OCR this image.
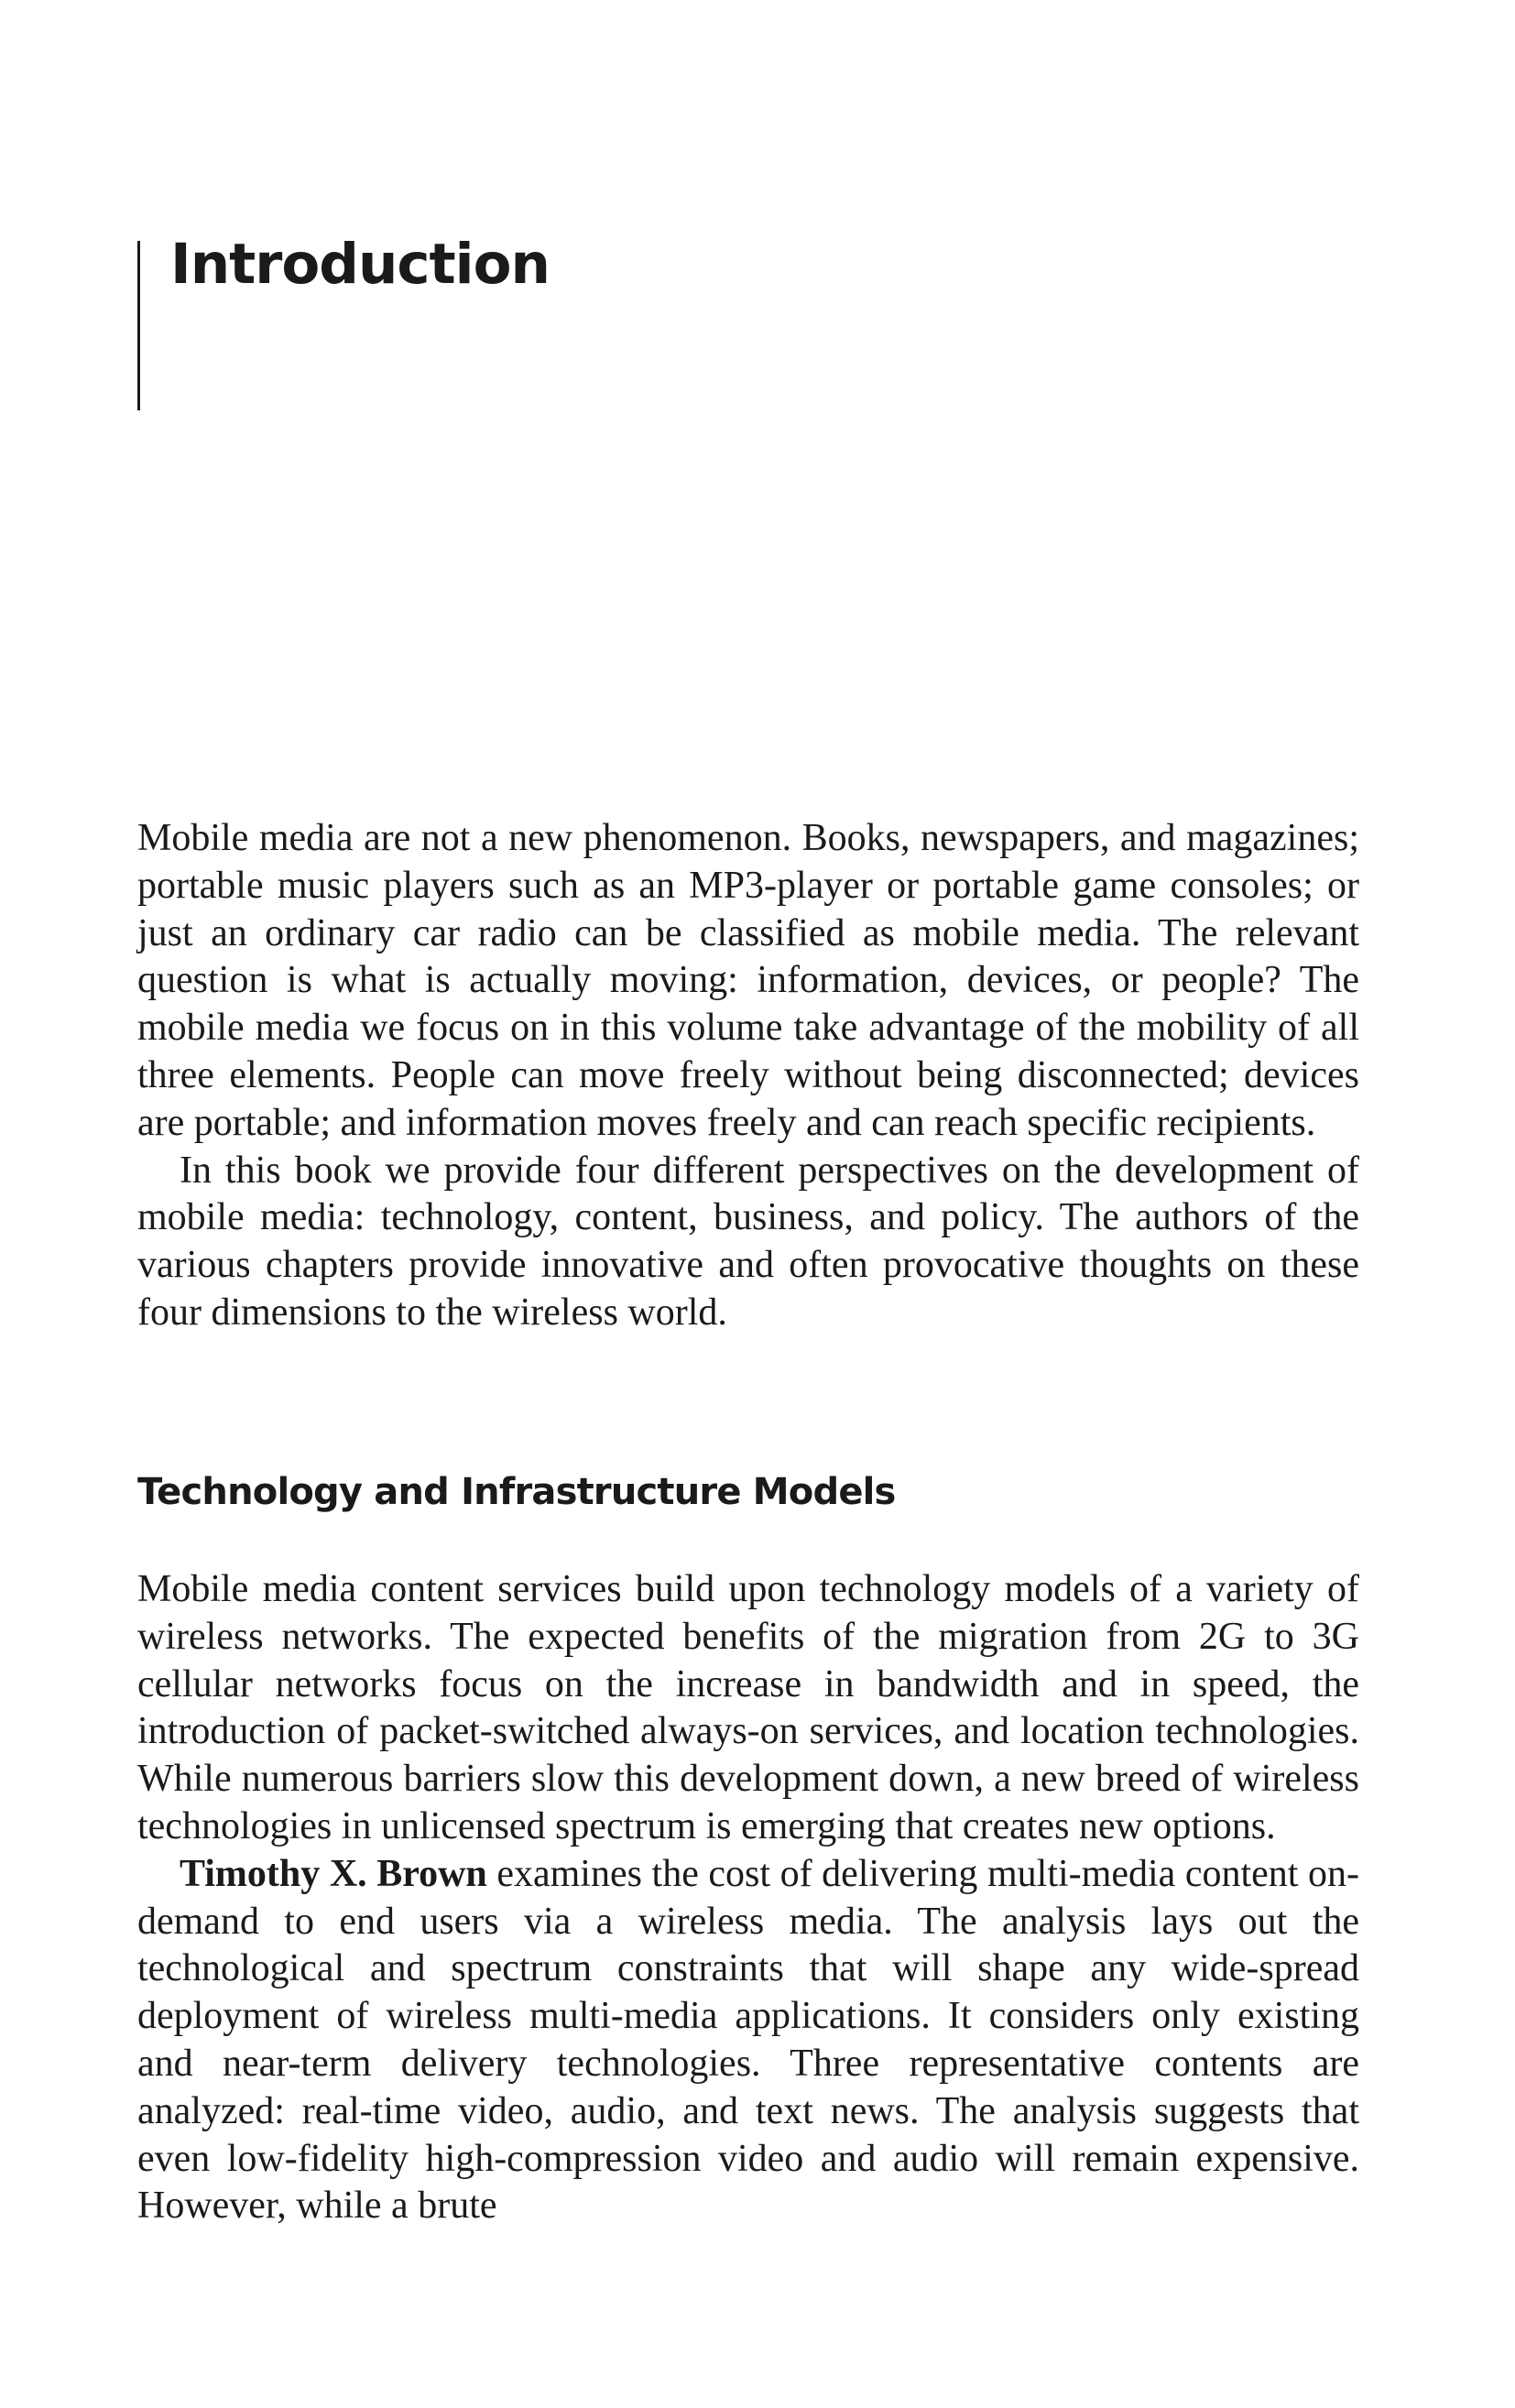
Introduction

Mobile media are not a new phenomenon. Books, newspapers, and magazines; portable music players such as an MP3-player or portable game consoles; or just an ordinary car radio can be classified as mobile media. The relevant question is what is actually moving: information, devices, or people? The mobile media we focus on in this volume take advantage of the mobility of all three elements. People can move freely without being disconnected; devices are portable; and information moves freely and can reach specific recipients.

In this book we provide four different perspectives on the development of mobile media: technology, content, business, and policy. The authors of the various chapters provide innovative and often provocative thoughts on these four dimensions to the wireless world.

Technology and Infrastructure Models

Mobile media content services build upon technology models of a variety of wireless networks. The expected benefits of the migration from 2G to 3G cellular networks focus on the increase in bandwidth and in speed, the introduction of packet-switched always-on services, and location technologies. While numerous barriers slow this development down, a new breed of wireless technologies in unlicensed spectrum is emerging that creates new options.

Timothy X. Brown examines the cost of delivering multi-media content on-demand to end users via a wireless media. The analysis lays out the technological and spectrum constraints that will shape any wide-spread deployment of wireless multi-media applications. It considers only existing and near-term delivery technologies. Three representative contents are analyzed: real-time video, audio, and text news. The analysis suggests that even low-fidelity high-compression video and audio will remain expensive. However, while a brute
